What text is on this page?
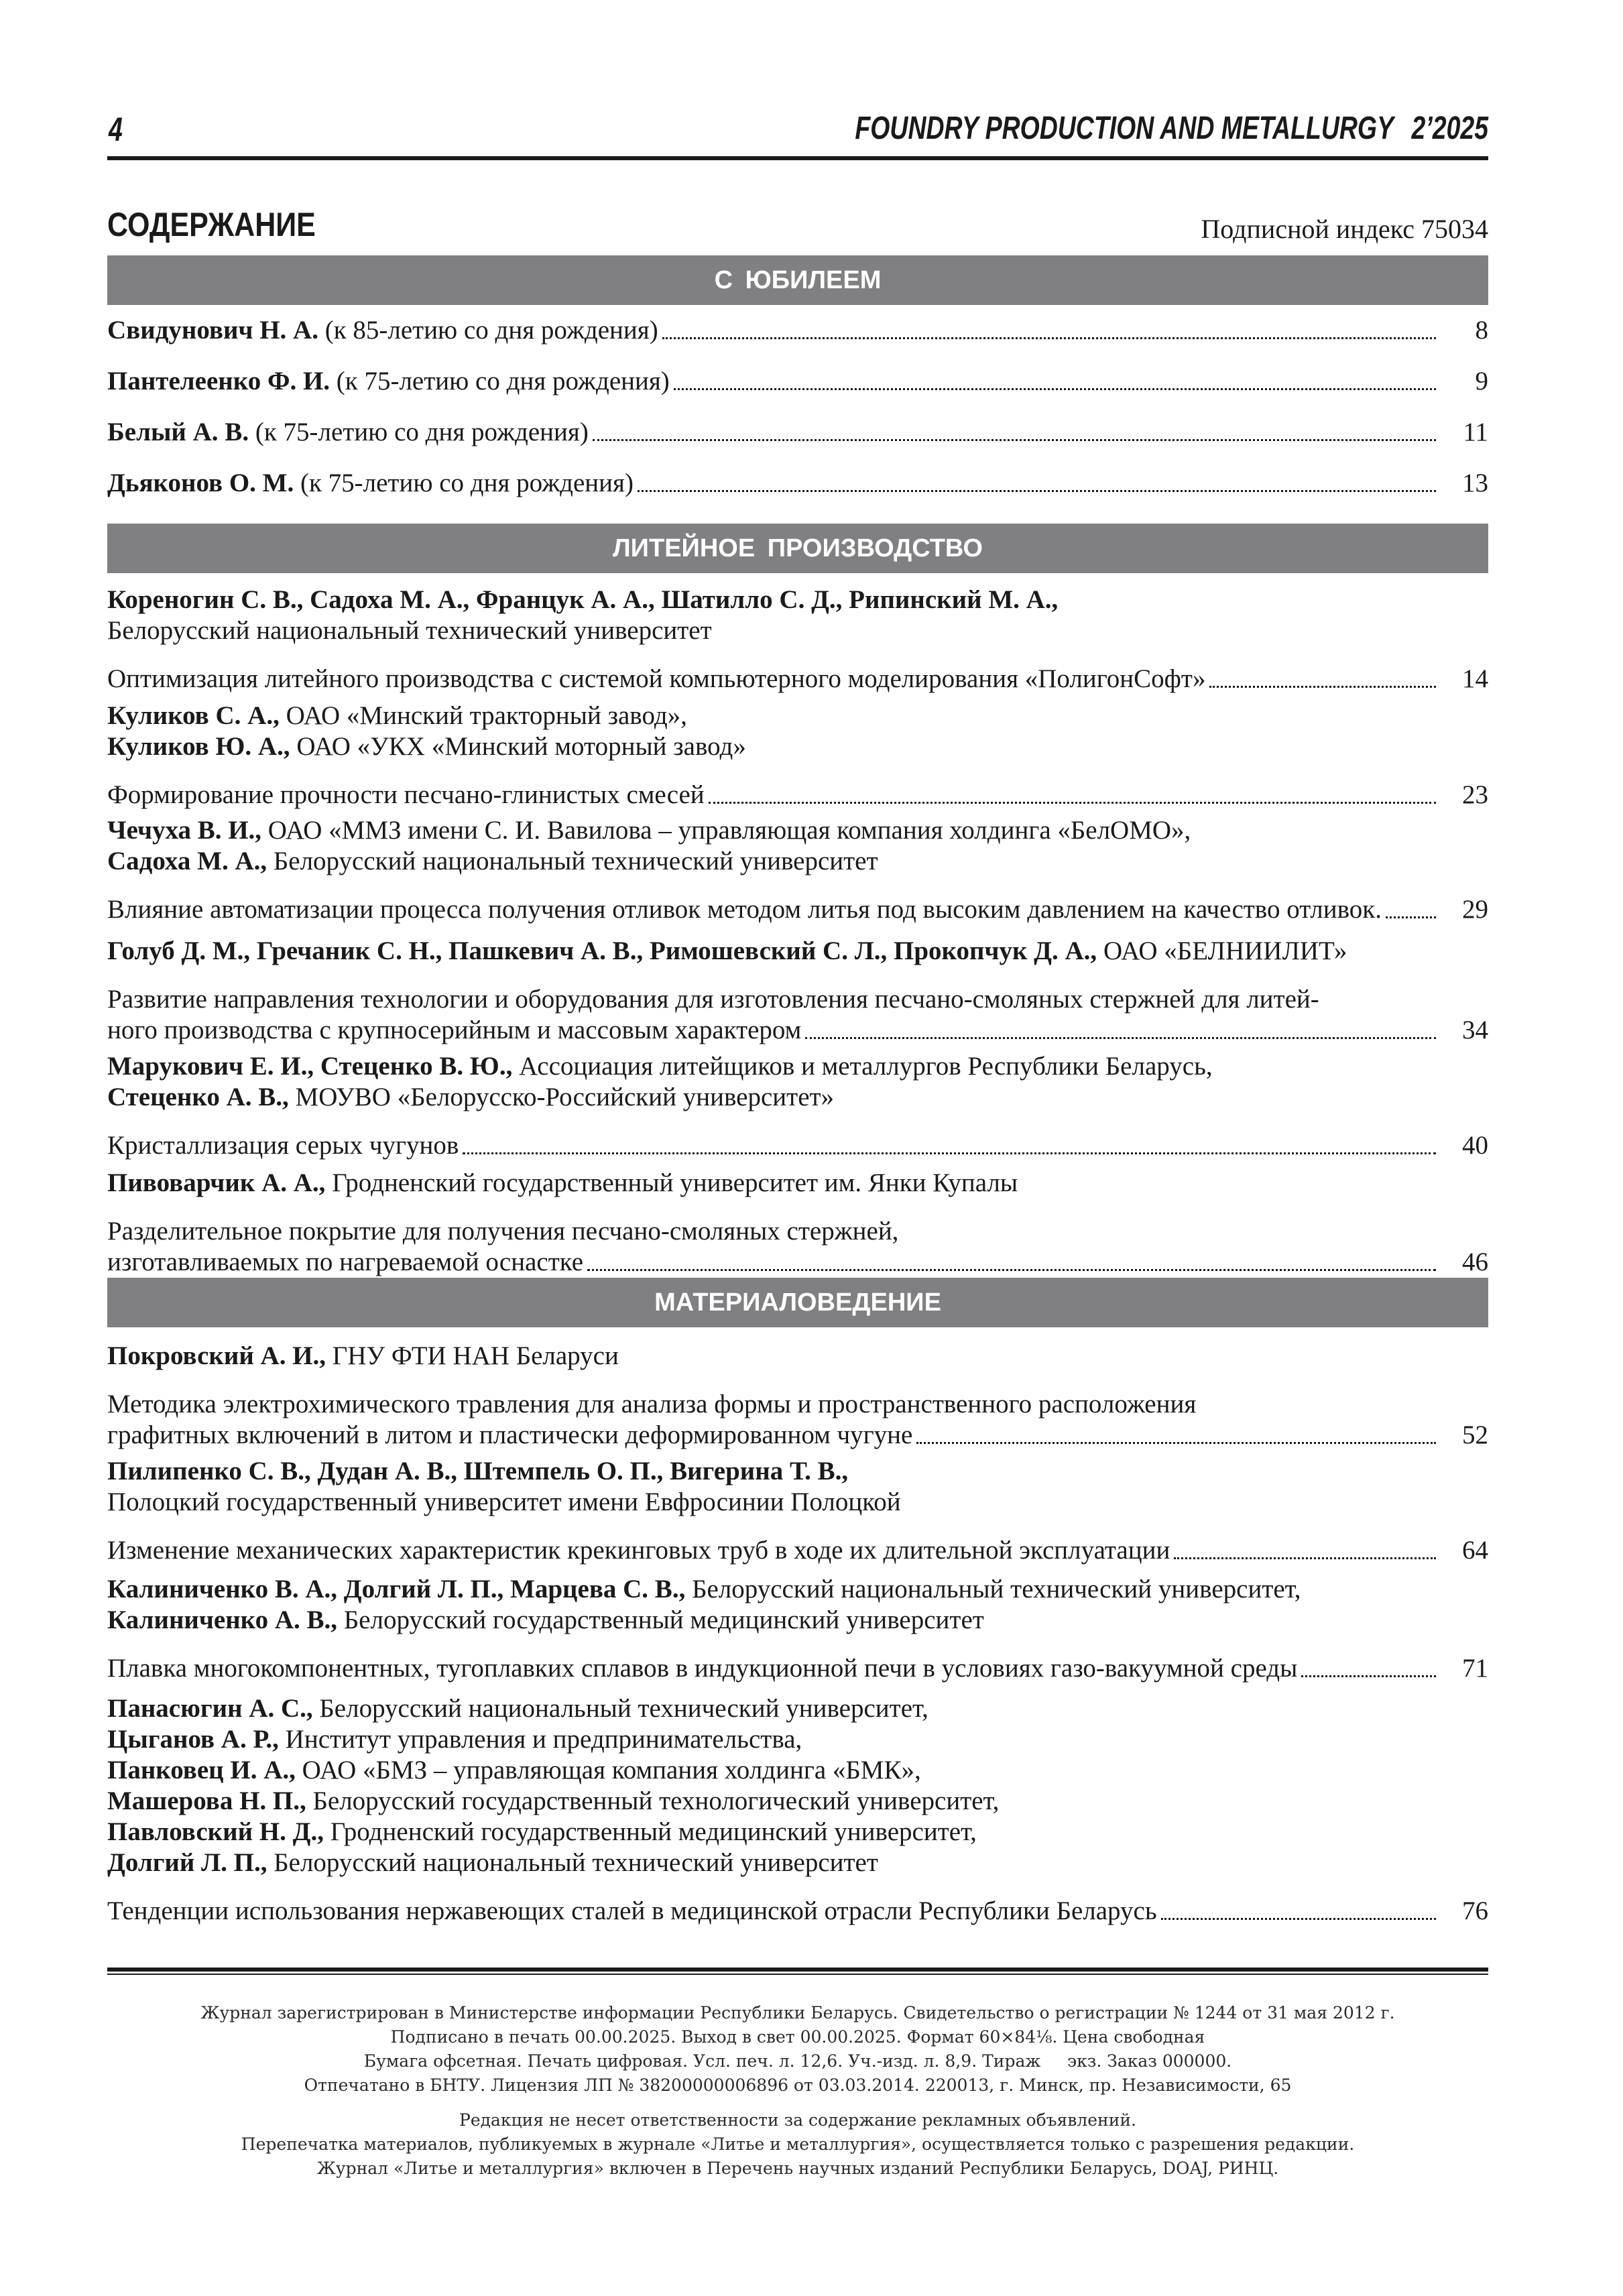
4	FOUNDRY PRODUCTION AND METALLURGY 2’2025
СОДЕРЖАНИЕ	Подписной индекс 75034
С ЮБИЛЕЕМ
Свидунович Н. А. (к 85-летию со дня рождения)	8
Пантелеенко Ф. И. (к 75-летию со дня рождения)	9
Белый А. В. (к 75-летию со дня рождения)	11
Дьяконов О. М. (к 75-летию со дня рождения)	13
ЛИТЕЙНОЕ ПРОИЗВОДСТВО
Кореногин С. В., Садоха М. А., Францук А. А., Шатилло С. Д., Рипинский М. А.,
Белорусский национальный технический университет
Оптимизация литейного производства с системой компьютерного моделирования «ПолигонСофт»	14
Куликов С. А., ОАО «Минский тракторный завод»,
Куликов Ю. А., ОАО «УКХ «Минский моторный завод»
Формирование прочности песчано-глинистых смесей	23
Чечуха В. И., ОАО «ММЗ имени С. И. Вавилова – управляющая компания холдинга «БелОМО»,
Садоха М. А., Белорусский национальный технический университет
Влияние автоматизации процесса получения отливок методом литья под высоким давлением на качество отливок.	29
Голуб Д. М., Гречаник С. Н., Пашкевич А. В., Римошевский С. Л., Прокопчук Д. А., ОАО «БЕЛНИИЛИТ»
Развитие направления технологии и оборудования для изготовления песчано-смоляных стержней для литей-
ного производства с крупносерийным и массовым характером	34
Марукович Е. И., Стеценко В. Ю., Ассоциация литейщиков и металлургов Республики Беларусь,
Стеценко А. В., МОУВО «Белорусско-Российский университет»
Кристаллизация серых чугунов	40
Пивоварчик А. А., Гродненский государственный университет им. Янки Купалы
Разделительное покрытие для получения песчано-смоляных стержней,
изготавливаемых по нагреваемой оснастке	46
МАТЕРИАЛОВЕДЕНИЕ
Покровский А. И., ГНУ ФТИ НАН Беларуси
Методика электрохимического травления для анализа формы и пространственного расположения
графитных включений в литом и пластически деформированном чугуне	52
Пилипенко С. В., Дудан А. В., Штемпель О. П., Вигерина Т. В.,
Полоцкий государственный университет имени Евфросинии Полоцкой
Изменение механических характеристик крекинговых труб в ходе их длительной эксплуатации	64
Калиниченко В. А., Долгий Л. П., Марцева С. В., Белорусский национальный технический университет,
Калиниченко А. В., Белорусский государственный медицинский университет
Плавка многокомпонентных, тугоплавких сплавов в индукционной печи в условиях газо-вакуумной среды	71
Панасюгин А. С., Белорусский национальный технический университет,
Цыганов А. Р., Институт управления и предпринимательства,
Панковец И. А., ОАО «БМЗ – управляющая компания холдинга «БМК»,
Машерова Н. П., Белорусский государственный технологический университет,
Павловский Н. Д., Гродненский государственный медицинский университет,
Долгий Л. П., Белорусский национальный технический университет
Тенденции использования нержавеющих сталей в медицинской отрасли Республики Беларусь	76
Журнал зарегистрирован в Министерстве информации Республики Беларусь. Свидетельство о регистрации № 1244 от 31 мая 2012 г.
Подписано в печать 00.00.2025. Выход в свет 00.00.2025. Формат 60×84⅛. Цена свободная
Бумага офсетная. Печать цифровая. Усл. печ. л. 12,6. Уч.-изд. л. 8,9. Тираж     экз. Заказ 000000.
Отпечатано в БНТУ. Лицензия ЛП № 38200000006896 от 03.03.2014. 220013, г. Минск, пр. Независимости, 65
Редакция не несет ответственности за содержание рекламных объявлений.
Перепечатка материалов, публикуемых в журнале «Литье и металлургия», осуществляется только с разрешения редакции.
Журнал «Литье и металлургия» включен в Перечень научных изданий Республики Беларусь, DOAJ, РИНЦ.
